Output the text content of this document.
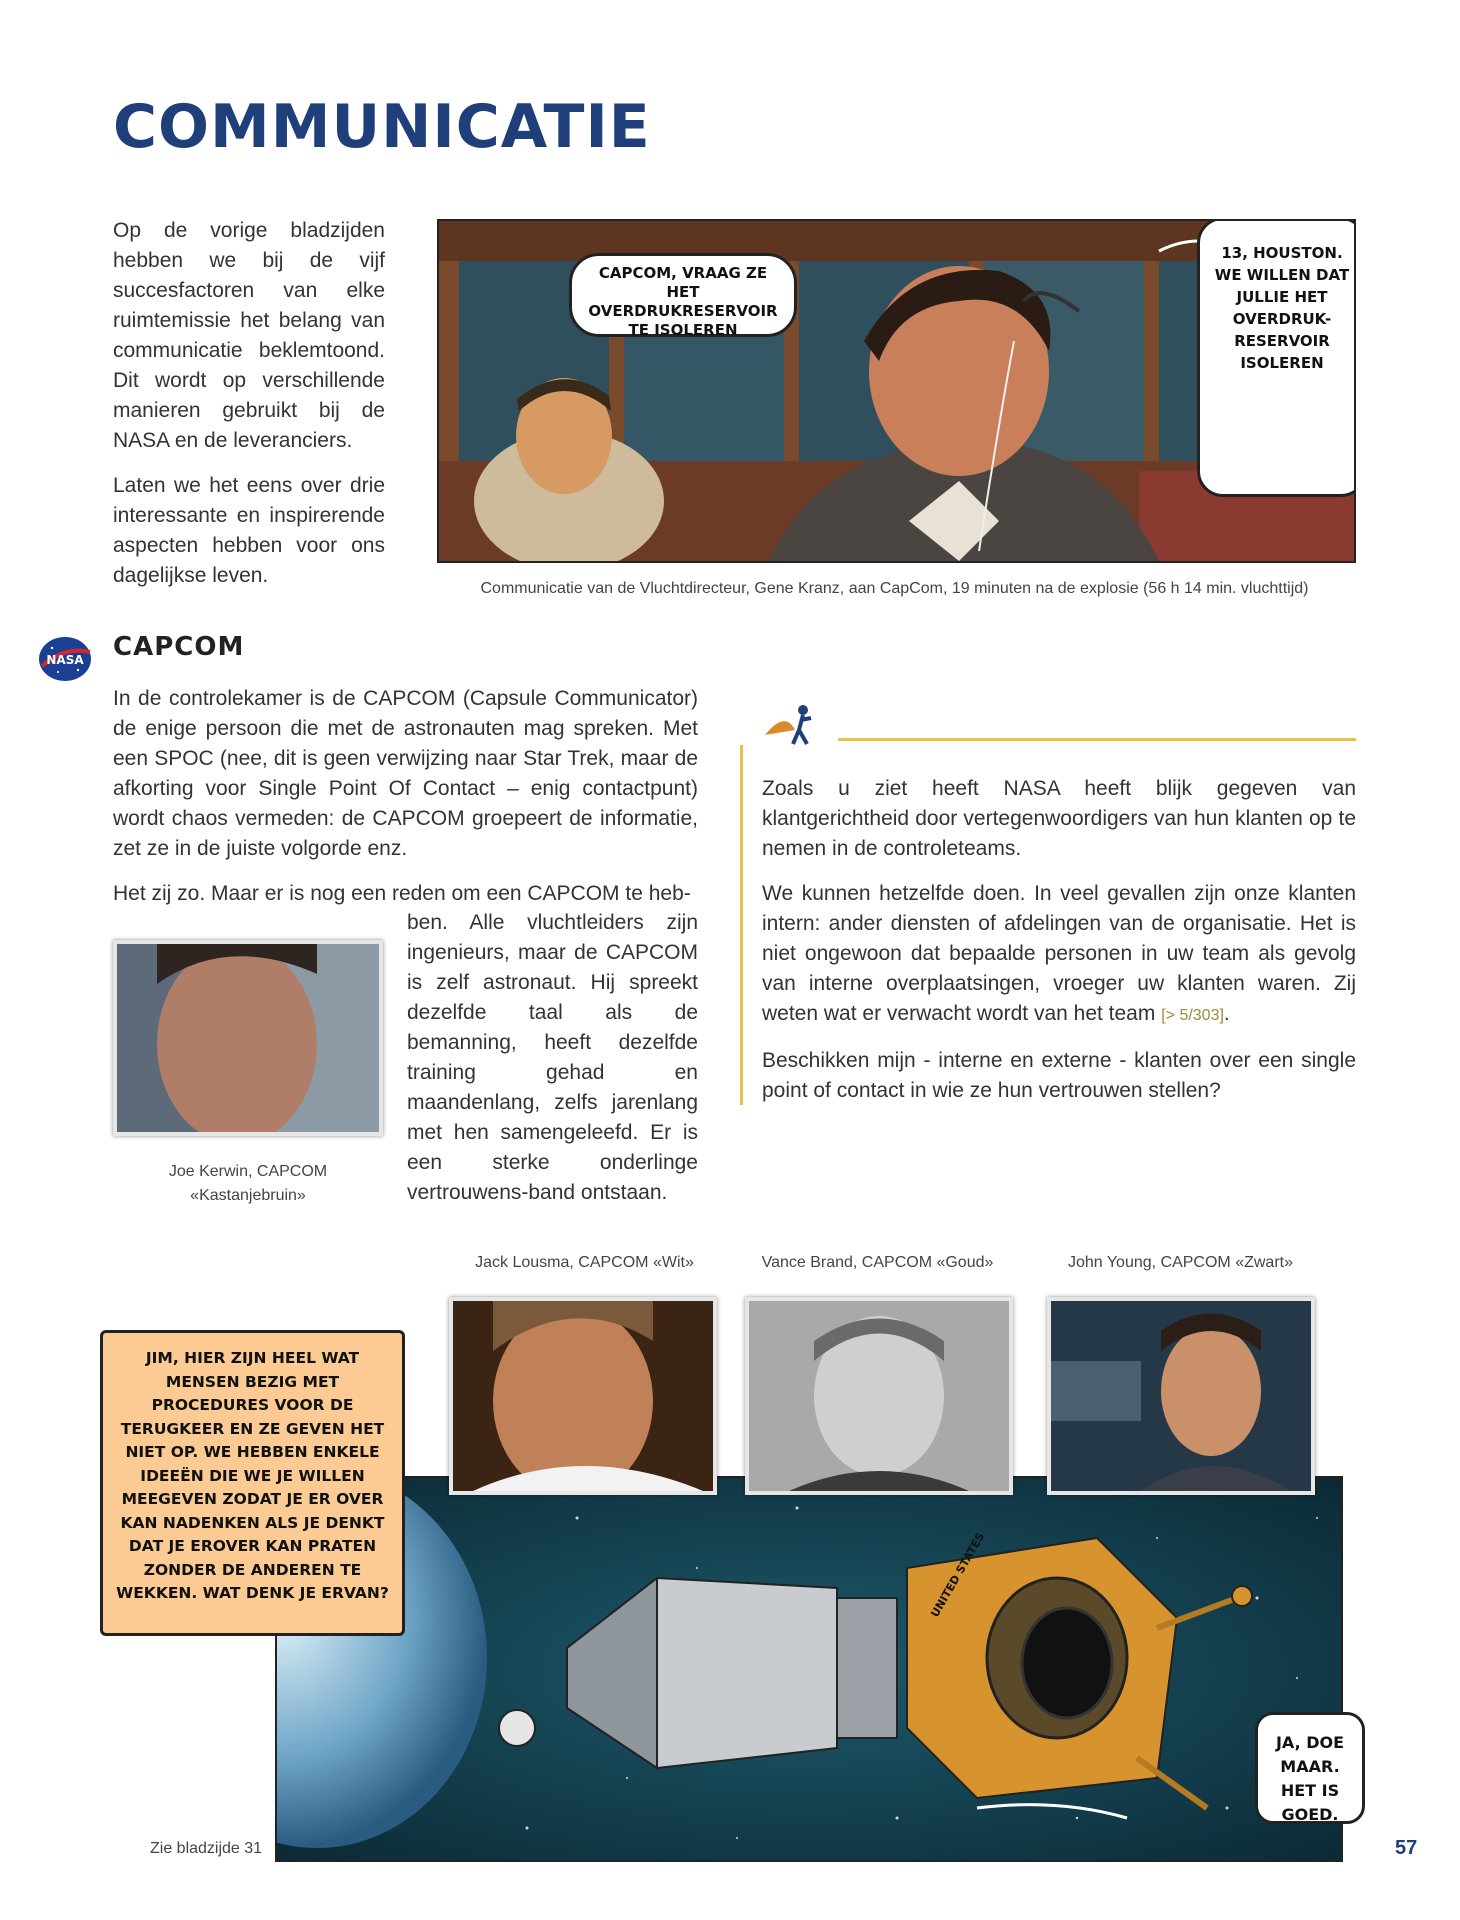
COMMUNICATIE

Op de vorige bladzijden hebben we bij de vijf succesfactoren van elke ruimtemissie het belang van communicatie beklemtoond. Dit wordt op verschillende manieren gebruikt bij de NASA en de leveranciers.

Laten we het eens over drie interessante en inspirerende aspecten hebben voor ons dagelijkse leven.

CAPCOM, VRAAG ZE HET OVERDRUKRESERVOIR TE ISOLEREN
13, HOUSTON. WE WILLEN DAT JULLIE HET OVERDRUK-RESERVOIR ISOLEREN
Communicatie van de Vluchtdirecteur, Gene Kranz, aan CapCom, 19 minuten na de explosie (56 h 14 min. vluchttijd)
NASA CAPCOM

In de controlekamer is de CAPCOM (Capsule Communicator) de enige persoon die met de astronauten mag spreken. Met een SPOC (nee, dit is geen verwijzing naar Star Trek, maar de afkorting voor Single Point Of Contact – enig contactpunt) wordt chaos vermeden: de CAPCOM groepeert de informatie, zet ze in de juiste volgorde enz.

Het zij zo. Maar er is nog een reden om een CAPCOM te heb-

ben. Alle vluchtleiders zijn ingenieurs, maar de CAPCOM is zelf astronaut. Hij spreekt dezelfde taal als de bemanning, heeft dezelfde training gehad en maandenlang, zelfs jarenlang met hen samengeleefd. Er is een sterke onderlinge vertrouwens-band ontstaan.
Joe Kerwin, CAPCOM
«Kastanjebruin»

Zoals u ziet heeft NASA heeft blijk gegeven van klantgerichtheid door vertegenwoordigers van hun klanten op te nemen in de controleteams.

We kunnen hetzelfde doen. In veel gevallen zijn onze klanten intern: ander diensten of afdelingen van de organisatie. Het is niet ongewoon dat bepaalde personen in uw team als gevolg van interne overplaatsingen, vroeger uw klanten waren. Zij weten wat er verwacht wordt van het team [> 5/303].

Beschikken mijn - interne en externe - klanten over een single point of contact in wie ze hun vertrouwen stellen?

Jack Lousma, CAPCOM «Wit»	Vance Brand, CAPCOM «Goud»	John Young, CAPCOM «Zwart»
UNITED STATES
JIM, HIER ZIJN HEEL WAT MENSEN BEZIG MET PROCEDURES VOOR DE TERUGKEER EN ZE GEVEN HET NIET OP. WE HEBBEN ENKELE IDEEËN DIE WE JE WILLEN MEEGEVEN ZODAT JE ER OVER KAN NADENKEN ALS JE DENKT DAT JE EROVER KAN PRATEN ZONDER DE ANDEREN TE WEKKEN. WAT DENK JE ERVAN?
JA, DOE MAAR. HET IS GOED.
Zie bladzijde 31	57
